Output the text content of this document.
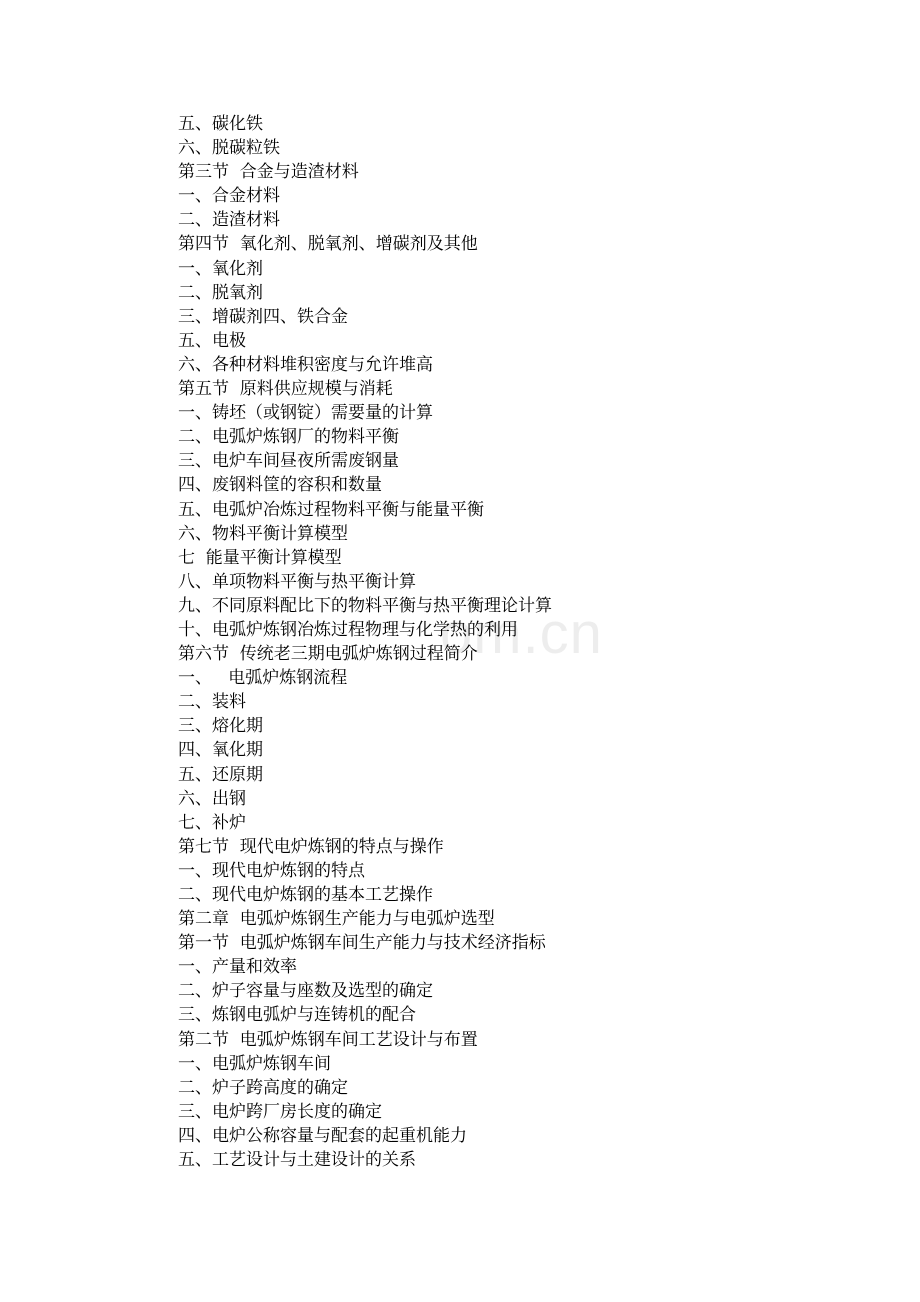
om.cn
五、碳化铁
六、脱碳粒铁
第三节  合金与造渣材料
一、合金材料
二、造渣材料
第四节  氧化剂、脱氧剂、增碳剂及其他
一、氧化剂
二、脱氧剂
三、增碳剂四、铁合金
五、电极
六、各种材料堆积密度与允许堆高
第五节  原料供应规模与消耗
一、铸坯（或钢锭）需要量的计算
二、电弧炉炼钢厂的物料平衡
三、电炉车间昼夜所需废钢量
四、废钢料筐的容积和数量
五、电弧炉冶炼过程物料平衡与能量平衡
六、物料平衡计算模型
七  能量平衡计算模型
八、单项物料平衡与热平衡计算
九、不同原料配比下的物料平衡与热平衡理论计算
十、电弧炉炼钢冶炼过程物理与化学热的利用
第六节  传统老三期电弧炉炼钢过程简介
一、   电弧炉炼钢流程
二、装料
三、熔化期
四、氧化期
五、还原期
六、出钢
七、补炉
第七节  现代电炉炼钢的特点与操作
一、现代电炉炼钢的特点
二、现代电炉炼钢的基本工艺操作
第二章  电弧炉炼钢生产能力与电弧炉选型
第一节  电弧炉炼钢车间生产能力与技术经济指标
一、产量和效率
二、炉子容量与座数及选型的确定
三、炼钢电弧炉与连铸机的配合
第二节  电弧炉炼钢车间工艺设计与布置
一、电弧炉炼钢车间
二、炉子跨高度的确定
三、电炉跨厂房长度的确定
四、电炉公称容量与配套的起重机能力
五、工艺设计与土建设计的关系
